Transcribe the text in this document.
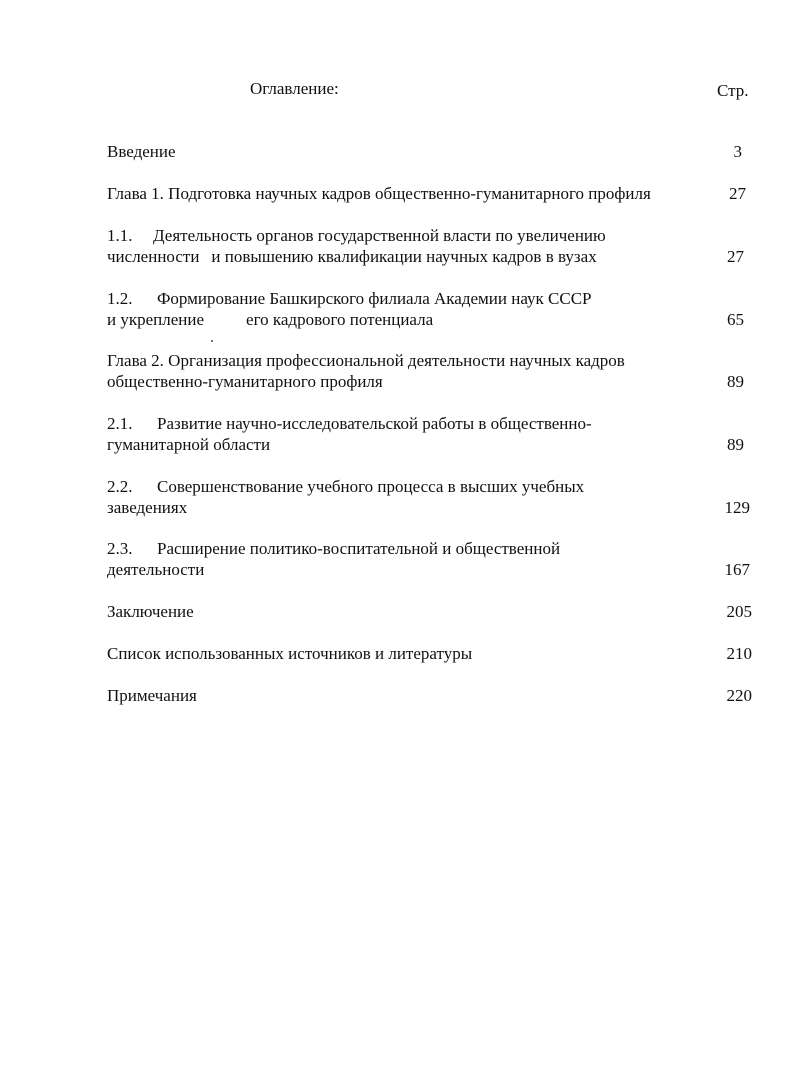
Оглавление:	Стр.
Введение	3
Глава 1. Подготовка научных кадров общественно-гуманитарного профиля	27
1.1. Деятельность органов государственной власти по увеличению
численности и повышению квалификации научных кадров в вузах	27
1.2. Формирование Башкирского филиала Академии наук СССР
и укрепление его кадрового потенциала	65
Глава 2. Организация профессиональной деятельности научных кадров
общественно-гуманитарного профиля	89
2.1. Развитие научно-исследовательской работы в общественно-
гуманитарной области	89
2.2. Совершенствование учебного процесса в высших учебных
заведениях	129
2.3. Расширение политико-воспитательной и общественной
деятельности	167
Заключение	205
Список использованных источников и литературы	210
Примечания	220
